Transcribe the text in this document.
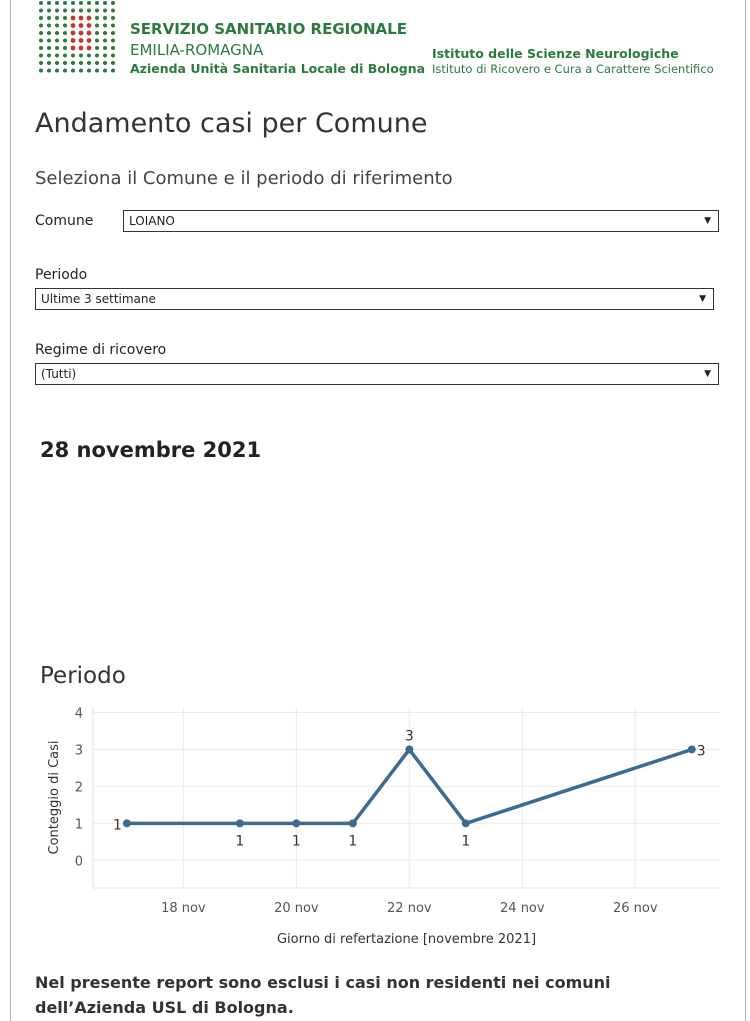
SERVIZIO SANITARIO REGIONALE
EMILIA-ROMAGNA
Azienda Unità Sanitaria Locale di Bologna
Istituto delle Scienze Neurologiche
Istituto di Ricovero e Cura a Carattere Scientifico
Andamento casi per Comune
Seleziona il Comune e il periodo di riferimento
Comune	LOIANO	▼
Periodo
Ultime 3 settimane	▼
Regime di ricovero
(Tutti)	▼
28 novembre 2021
Periodo
0
1
2
3
4
18 nov	20 nov	22 nov	24 nov	26 nov
Conteggio di Casi
Giorno di refertazione [novembre 2021]
1
1	1	1
3
1
3
Nel presente report sono esclusi i casi non residenti nei comuni dell’Azienda USL di Bologna.
